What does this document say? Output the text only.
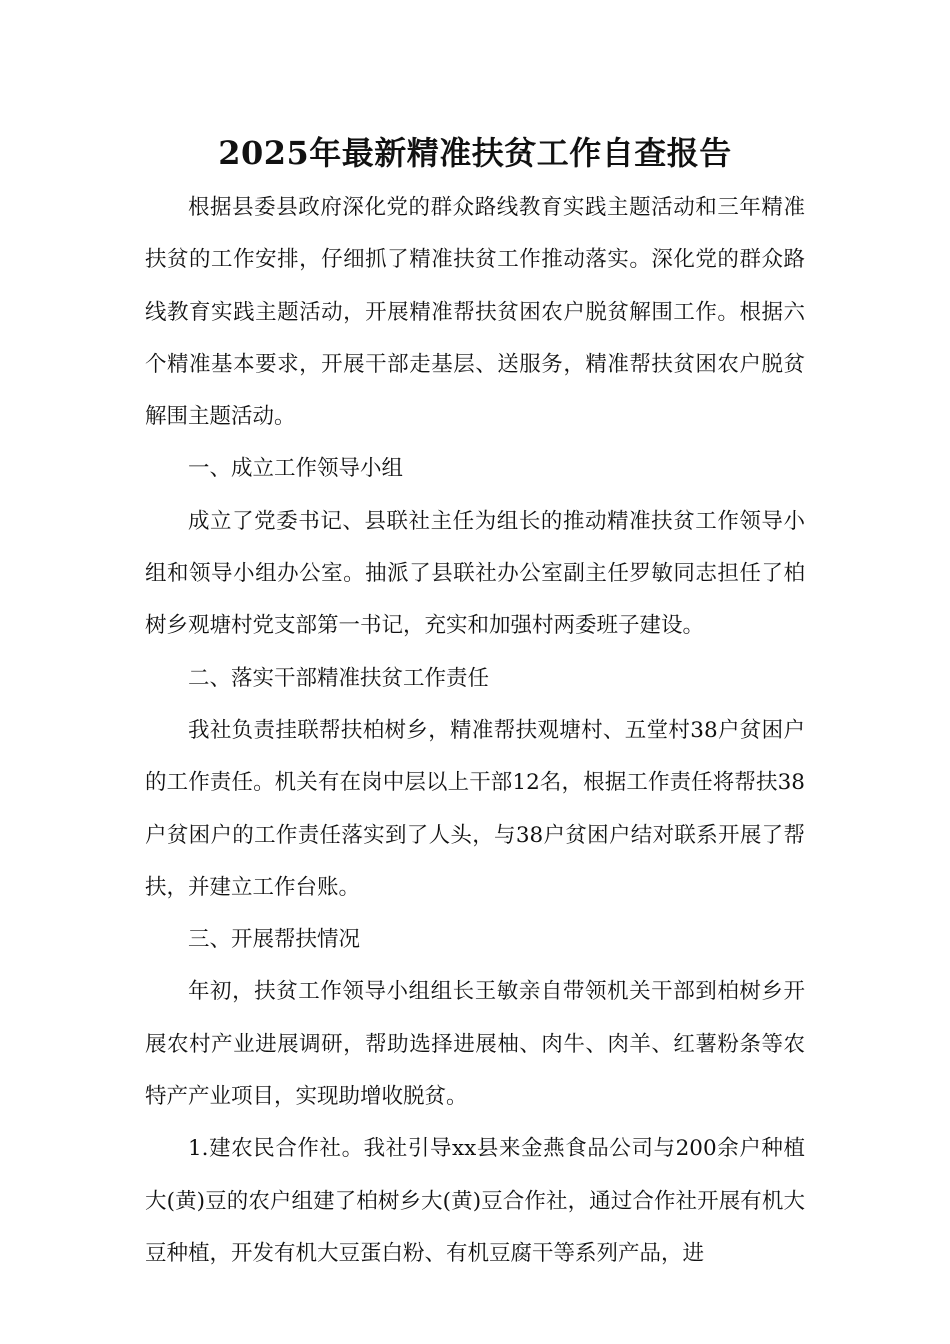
2025年最新精准扶贫工作自查报告

根据县委县政府深化党的群众路线教育实践主题活动和三年精准扶贫的工作安排，仔细抓了精准扶贫工作推动落实。深化党的群众路线教育实践主题活动，开展精准帮扶贫困农户脱贫解围工作。根据六个精准基本要求，开展干部走基层、送服务，精准帮扶贫困农户脱贫解围主题活动。

一、成立工作领导小组

成立了党委书记、县联社主任为组长的推动精准扶贫工作领导小组和领导小组办公室。抽派了县联社办公室副主任罗敏同志担任了柏树乡观塘村党支部第一书记，充实和加强村两委班子建设。

二、落实干部精准扶贫工作责任

我社负责挂联帮扶柏树乡，精准帮扶观塘村、五堂村38户贫困户的工作责任。机关有在岗中层以上干部12名，根据工作责任将帮扶38户贫困户的工作责任落实到了人头，与38户贫困户结对联系开展了帮扶，并建立工作台账。

三、开展帮扶情况

年初，扶贫工作领导小组组长王敏亲自带领机关干部到柏树乡开展农村产业进展调研，帮助选择进展柚、肉牛、肉羊、红薯粉条等农特产产业项目，实现助增收脱贫。

1.建农民合作社。我社引导xx县来金燕食品公司与200余户种植大(黄)豆的农户组建了柏树乡大(黄)豆合作社，通过合作社开展有机大豆种植，开发有机大豆蛋白粉、有机豆腐干等系列产品，进
